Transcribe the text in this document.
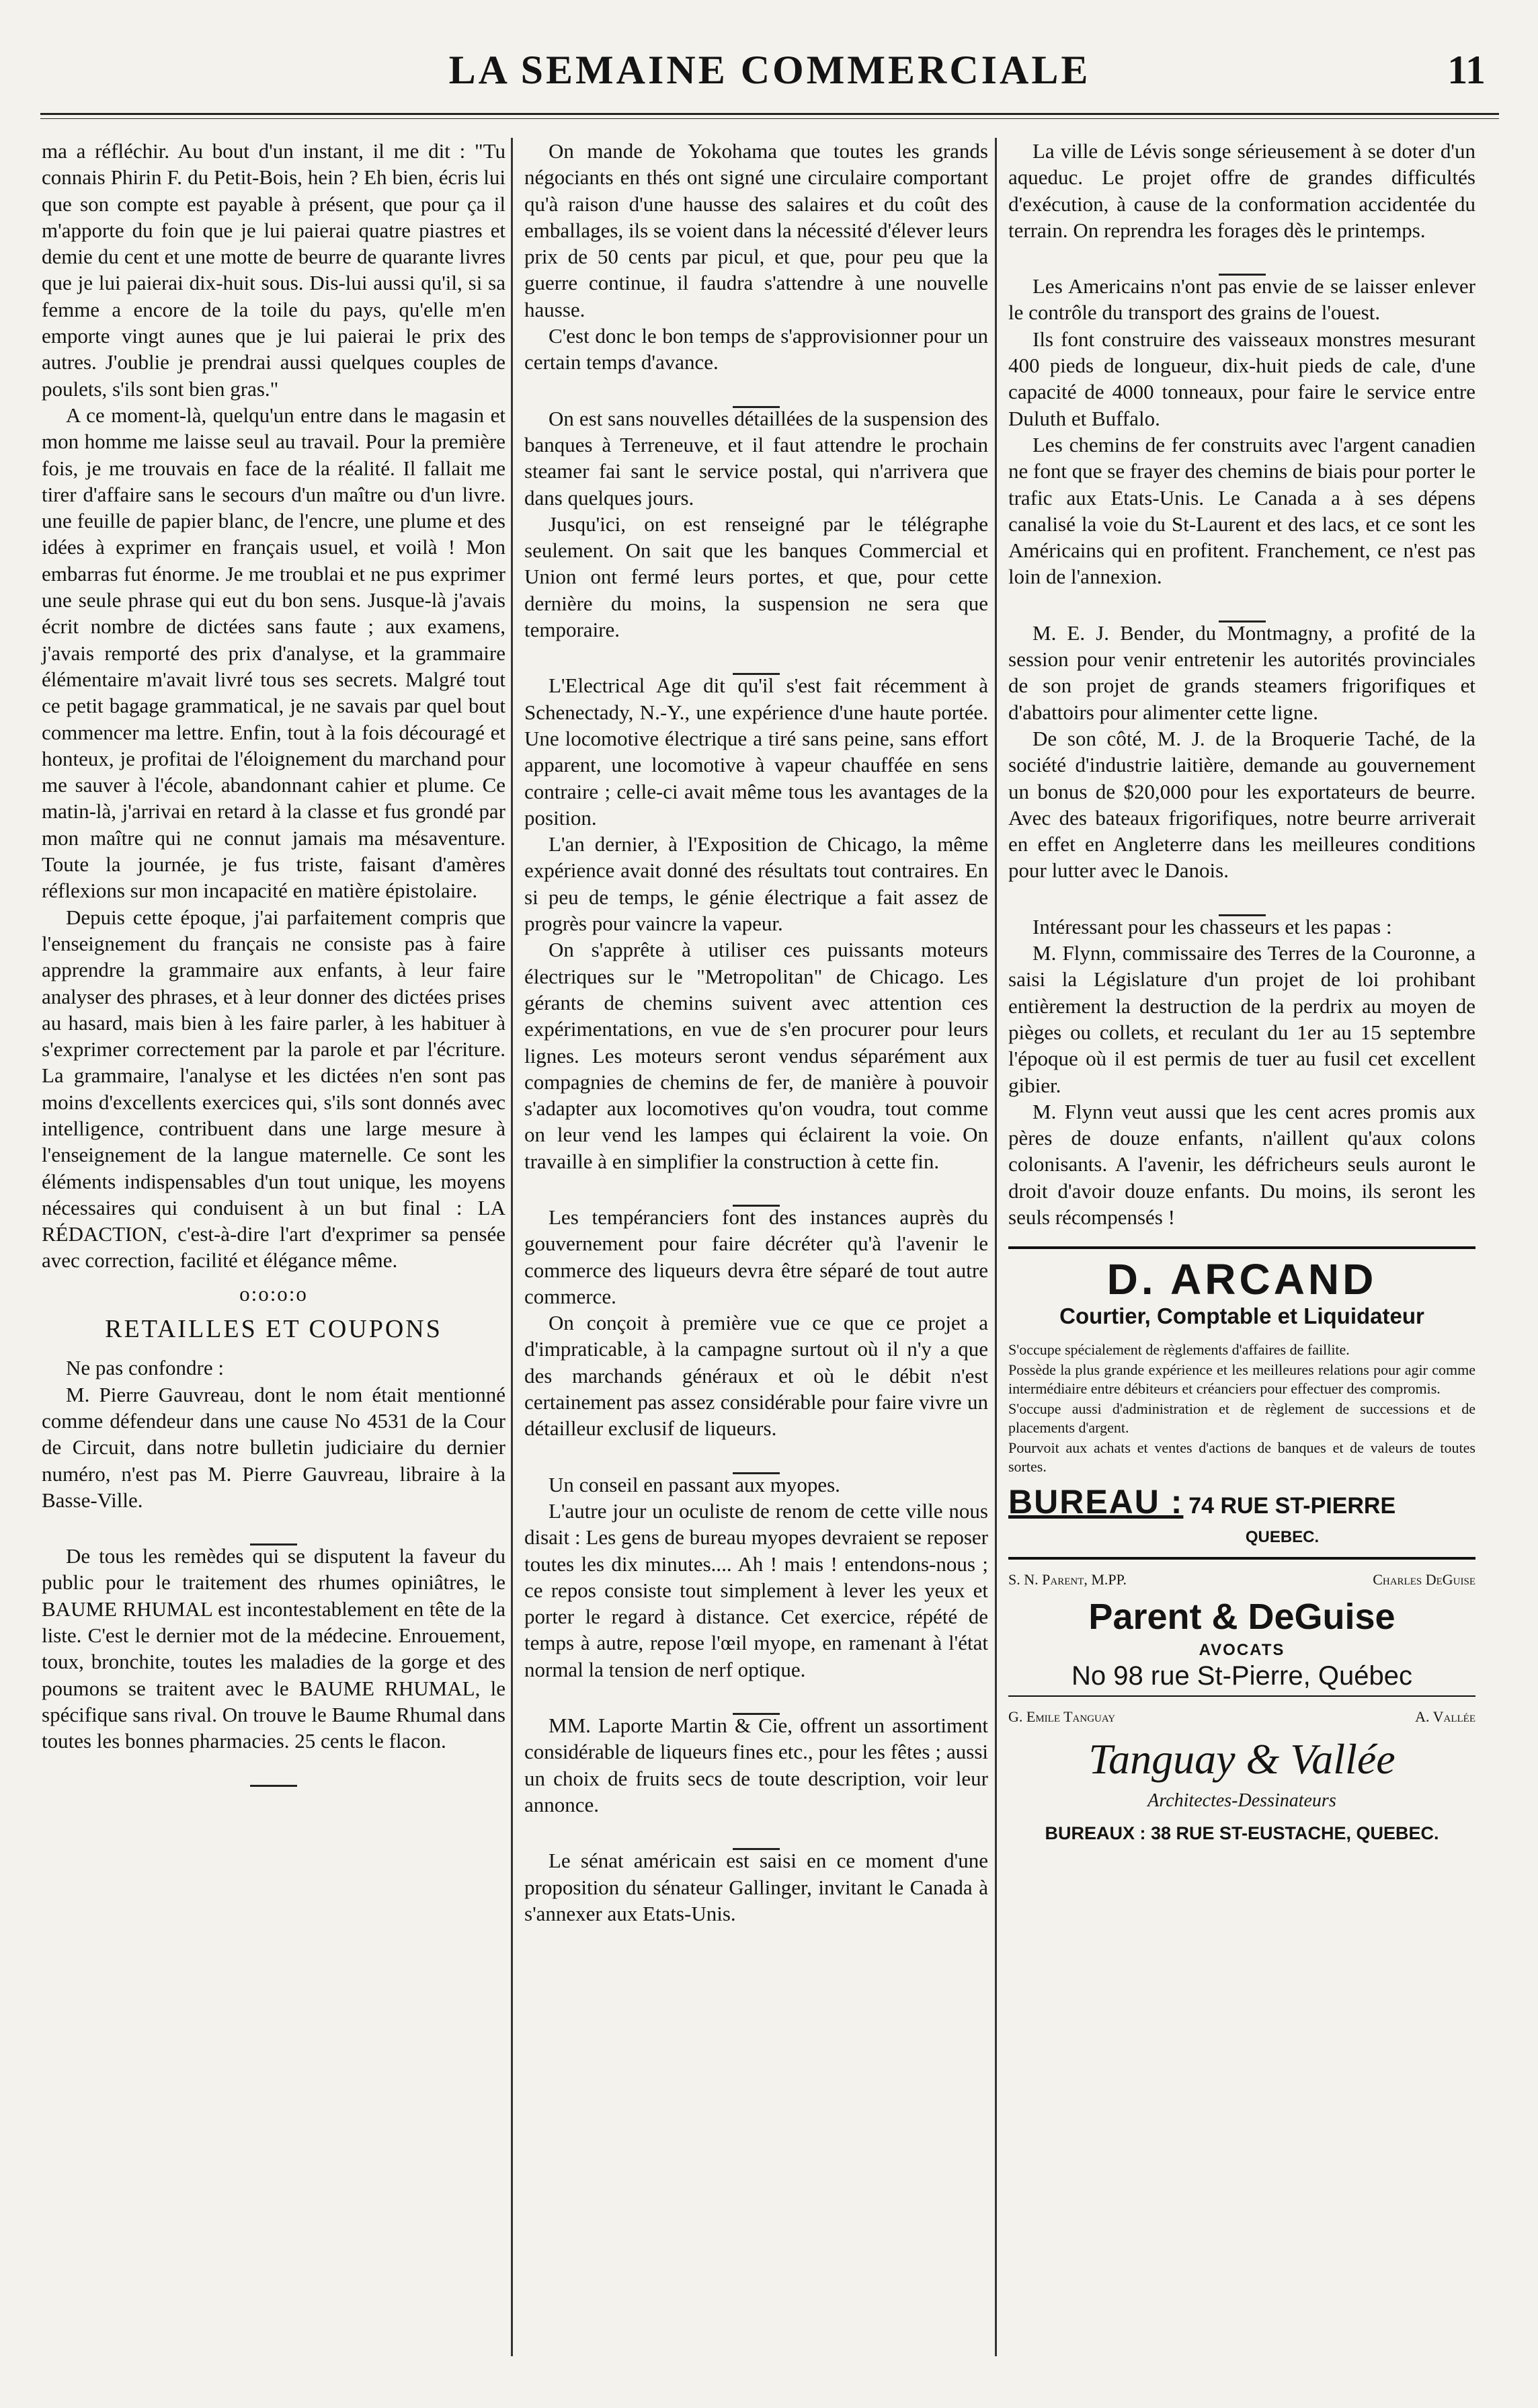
LA SEMAINE COMMERCIALE	11

ma a réfléchir. Au bout d'un instant, il me dit : "Tu connais Phirin F. du Petit-Bois, hein ? Eh bien, écris lui que son compte est payable à présent, que pour ça il m'apporte du foin que je lui paierai quatre piastres et demie du cent et une motte de beurre de quarante livres que je lui paierai dix-huit sous. Dis-lui aussi qu'il, si sa femme a encore de la toile du pays, qu'elle m'en emporte vingt aunes que je lui paierai le prix des autres. J'oublie je prendrai aussi quelques couples de poulets, s'ils sont bien gras."

A ce moment-là, quelqu'un entre dans le magasin et mon homme me laisse seul au travail. Pour la première fois, je me trouvais en face de la réalité. Il fallait me tirer d'affaire sans le secours d'un maître ou d'un livre. une feuille de papier blanc, de l'encre, une plume et des idées à exprimer en français usuel, et voilà ! Mon embarras fut énorme. Je me troublai et ne pus exprimer une seule phrase qui eut du bon sens. Jusque-là j'avais écrit nombre de dictées sans faute ; aux examens, j'avais remporté des prix d'analyse, et la grammaire élémentaire m'avait livré tous ses secrets. Malgré tout ce petit bagage grammatical, je ne savais par quel bout commencer ma lettre. Enfin, tout à la fois découragé et honteux, je profitai de l'éloignement du marchand pour me sauver à l'école, abandonnant cahier et plume. Ce matin-là, j'arrivai en retard à la classe et fus grondé par mon maître qui ne connut jamais ma mésaventure. Toute la journée, je fus triste, faisant d'amères réflexions sur mon incapacité en matière épistolaire.

Depuis cette époque, j'ai parfaitement compris que l'enseignement du français ne consiste pas à faire apprendre la grammaire aux enfants, à leur faire analyser des phrases, et à leur donner des dictées prises au hasard, mais bien à les faire parler, à les habituer à s'exprimer correctement par la parole et par l'écriture. La grammaire, l'analyse et les dictées n'en sont pas moins d'excellents exercices qui, s'ils sont donnés avec intelligence, contribuent dans une large mesure à l'enseignement de la langue maternelle. Ce sont les éléments indispensables d'un tout unique, les moyens nécessaires qui conduisent à un but final : LA RÉDACTION, c'est-à-dire l'art d'exprimer sa pensée avec correction, facilité et élégance même.

o:o:o:o
RETAILLES ET COUPONS

Ne pas confondre :

M. Pierre Gauvreau, dont le nom était mentionné comme défendeur dans une cause No 4531 de la Cour de Circuit, dans notre bulletin judiciaire du dernier numéro, n'est pas M. Pierre Gauvreau, libraire à la Basse-Ville.

De tous les remèdes qui se disputent la faveur du public pour le traitement des rhumes opiniâtres, le BAUME RHUMAL est incontestablement en tête de la liste. C'est le dernier mot de la médecine. Enrouement, toux, bronchite, toutes les maladies de la gorge et des poumons se traitent avec le BAUME RHUMAL, le spécifique sans rival. On trouve le Baume Rhumal dans toutes les bonnes pharmacies. 25 cents le flacon.

On mande de Yokohama que toutes les grands négociants en thés ont signé une circulaire comportant qu'à raison d'une hausse des salaires et du coût des emballages, ils se voient dans la nécessité d'élever leurs prix de 50 cents par picul, et que, pour peu que la guerre continue, il faudra s'attendre à une nouvelle hausse.

C'est donc le bon temps de s'approvisionner pour un certain temps d'avance.

On est sans nouvelles détaillées de la suspension des banques à Terreneuve, et il faut attendre le prochain steamer fai sant le service postal, qui n'arrivera que dans quelques jours.

Jusqu'ici, on est renseigné par le télégraphe seulement. On sait que les banques Commercial et Union ont fermé leurs portes, et que, pour cette dernière du moins, la suspension ne sera que temporaire.

L'Electrical Age dit qu'il s'est fait récemment à Schenectady, N.-Y., une expérience d'une haute portée. Une locomotive électrique a tiré sans peine, sans effort apparent, une locomotive à vapeur chauffée en sens contraire ; celle-ci avait même tous les avantages de la position.

L'an dernier, à l'Exposition de Chicago, la même expérience avait donné des résultats tout contraires. En si peu de temps, le génie électrique a fait assez de progrès pour vaincre la vapeur.

On s'apprête à utiliser ces puissants moteurs électriques sur le "Metropolitan" de Chicago. Les gérants de chemins suivent avec attention ces expérimentations, en vue de s'en procurer pour leurs lignes. Les moteurs seront vendus séparément aux compagnies de chemins de fer, de manière à pouvoir s'adapter aux locomotives qu'on voudra, tout comme on leur vend les lampes qui éclairent la voie. On travaille à en simplifier la construction à cette fin.

Les tempéranciers font des instances auprès du gouvernement pour faire décréter qu'à l'avenir le commerce des liqueurs devra être séparé de tout autre commerce.

On conçoit à première vue ce que ce projet a d'impraticable, à la campagne surtout où il n'y a que des marchands généraux et où le débit n'est certainement pas assez considérable pour faire vivre un détailleur exclusif de liqueurs.

Un conseil en passant aux myopes.

L'autre jour un oculiste de renom de cette ville nous disait : Les gens de bureau myopes devraient se reposer toutes les dix minutes.... Ah ! mais ! entendons-nous ; ce repos consiste tout simplement à lever les yeux et porter le regard à distance. Cet exercice, répété de temps à autre, repose l'œil myope, en ramenant à l'état normal la tension de nerf optique.

MM. Laporte Martin & Cie, offrent un assortiment considérable de liqueurs fines etc., pour les fêtes ; aussi un choix de fruits secs de toute description, voir leur annonce.

Le sénat américain est saisi en ce moment d'une proposition du sénateur Gallinger, invitant le Canada à s'annexer aux Etats-Unis.

La ville de Lévis songe sérieusement à se doter d'un aqueduc. Le projet offre de grandes difficultés d'exécution, à cause de la conformation accidentée du terrain. On reprendra les forages dès le printemps.

Les Americains n'ont pas envie de se laisser enlever le contrôle du transport des grains de l'ouest.

Ils font construire des vaisseaux monstres mesurant 400 pieds de longueur, dix-huit pieds de cale, d'une capacité de 4000 tonneaux, pour faire le service entre Duluth et Buffalo.

Les chemins de fer construits avec l'argent canadien ne font que se frayer des chemins de biais pour porter le trafic aux Etats-Unis. Le Canada a à ses dépens canalisé la voie du St-Laurent et des lacs, et ce sont les Américains qui en profitent. Franchement, ce n'est pas loin de l'annexion.

M. E. J. Bender, du Montmagny, a profité de la session pour venir entretenir les autorités provinciales de son projet de grands steamers frigorifiques et d'abattoirs pour alimenter cette ligne.

De son côté, M. J. de la Broquerie Taché, de la société d'industrie laitière, demande au gouvernement un bonus de $20,000 pour les exportateurs de beurre. Avec des bateaux frigorifiques, notre beurre arriverait en effet en Angleterre dans les meilleures conditions pour lutter avec le Danois.

Intéressant pour les chasseurs et les papas :

M. Flynn, commissaire des Terres de la Couronne, a saisi la Législature d'un projet de loi prohibant entièrement la destruction de la perdrix au moyen de pièges ou collets, et reculant du 1er au 15 septembre l'époque où il est permis de tuer au fusil cet excellent gibier.

M. Flynn veut aussi que les cent acres promis aux pères de douze enfants, n'aillent qu'aux colons colonisants. A l'avenir, les défricheurs seuls auront le droit d'avoir douze enfants. Du moins, ils seront les seuls récompensés !

D. ARCAND
Courtier, Comptable et Liquidateur

S'occupe spécialement de règlements d'affaires de faillite.

Possède la plus grande expérience et les meilleures relations pour agir comme intermédiaire entre débiteurs et créanciers pour effectuer des compromis.

S'occupe aussi d'administration et de règlement de successions et de placements d'argent.

Pourvoit aux achats et ventes d'actions de banques et de valeurs de toutes sortes.

BUREAU : 74 RUE ST-PIERRE
QUEBEC.
S. N. Parent, M.PP.	Charles DeGuise
Parent & DeGuise
AVOCATS
No 98 rue St-Pierre, Québec
G. Emile Tanguay	A. Vallée
Tanguay & Vallée
Architectes-Dessinateurs
BUREAUX : 38 RUE ST-EUSTACHE, QUEBEC.
